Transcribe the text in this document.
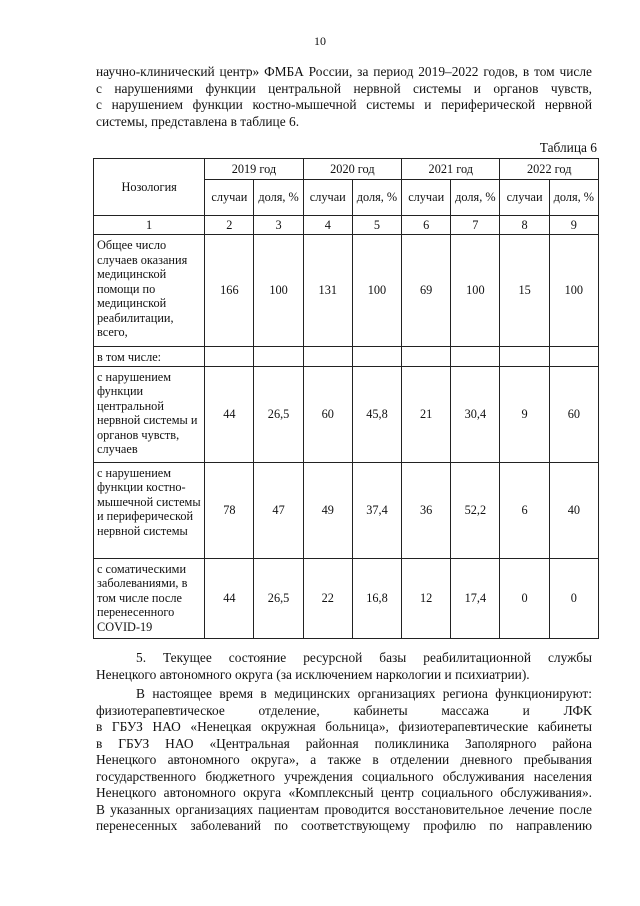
10
научно-клинический центр» ФМБА России, за период 2019–2022 годов, в том числе
с нарушениями функции центральной нервной системы и органов чувств,
с нарушением функции костно-мышечной системы и периферической нервной
системы, представлена в таблице 6.
Таблица 6
Нозология	2019 год		2020 год		2021 год		2022 год	
	случаи	доля, %	случаи	доля, %	случаи	доля, %	случаи	доля, %
1	2	3	4	5	6	7	8	9
Общее число случаев оказания медицинской помощи по медицинской реабилитации, всего,	166	100	131	100	69	100	15	100
в том числе:								
с нарушением функции центральной нервной системы и органов чувств, случаев	44	26,5	60	45,8	21	30,4	9	60
с нарушением функции костно-мышечной системы и периферической нервной системы	78	47	49	37,4	36	52,2	6	40
с соматическими заболеваниями, в том числе после перенесенного COVID-19	44	26,5	22	16,8	12	17,4	0	0
5. Текущее состояние ресурсной базы реабилитационной службы
Ненецкого автономного округа (за исключением наркологии и психиатрии).
В настоящее время в медицинских организациях региона функционируют:
физиотерапевтическое отделение, кабинеты массажа и ЛФК
в ГБУЗ НАО «Ненецкая окружная больница», физиотерапевтические кабинеты
в ГБУЗ НАО «Центральная районная поликлиника Заполярного района
Ненецкого автономного округа», а также в отделении дневного пребывания
государственного бюджетного учреждения социального обслуживания населения
Ненецкого автономного округа «Комплексный центр социального обслуживания».
В указанных организациях пациентам проводится восстановительное лечение после
перенесенных заболеваний по соответствующему профилю по направлению
